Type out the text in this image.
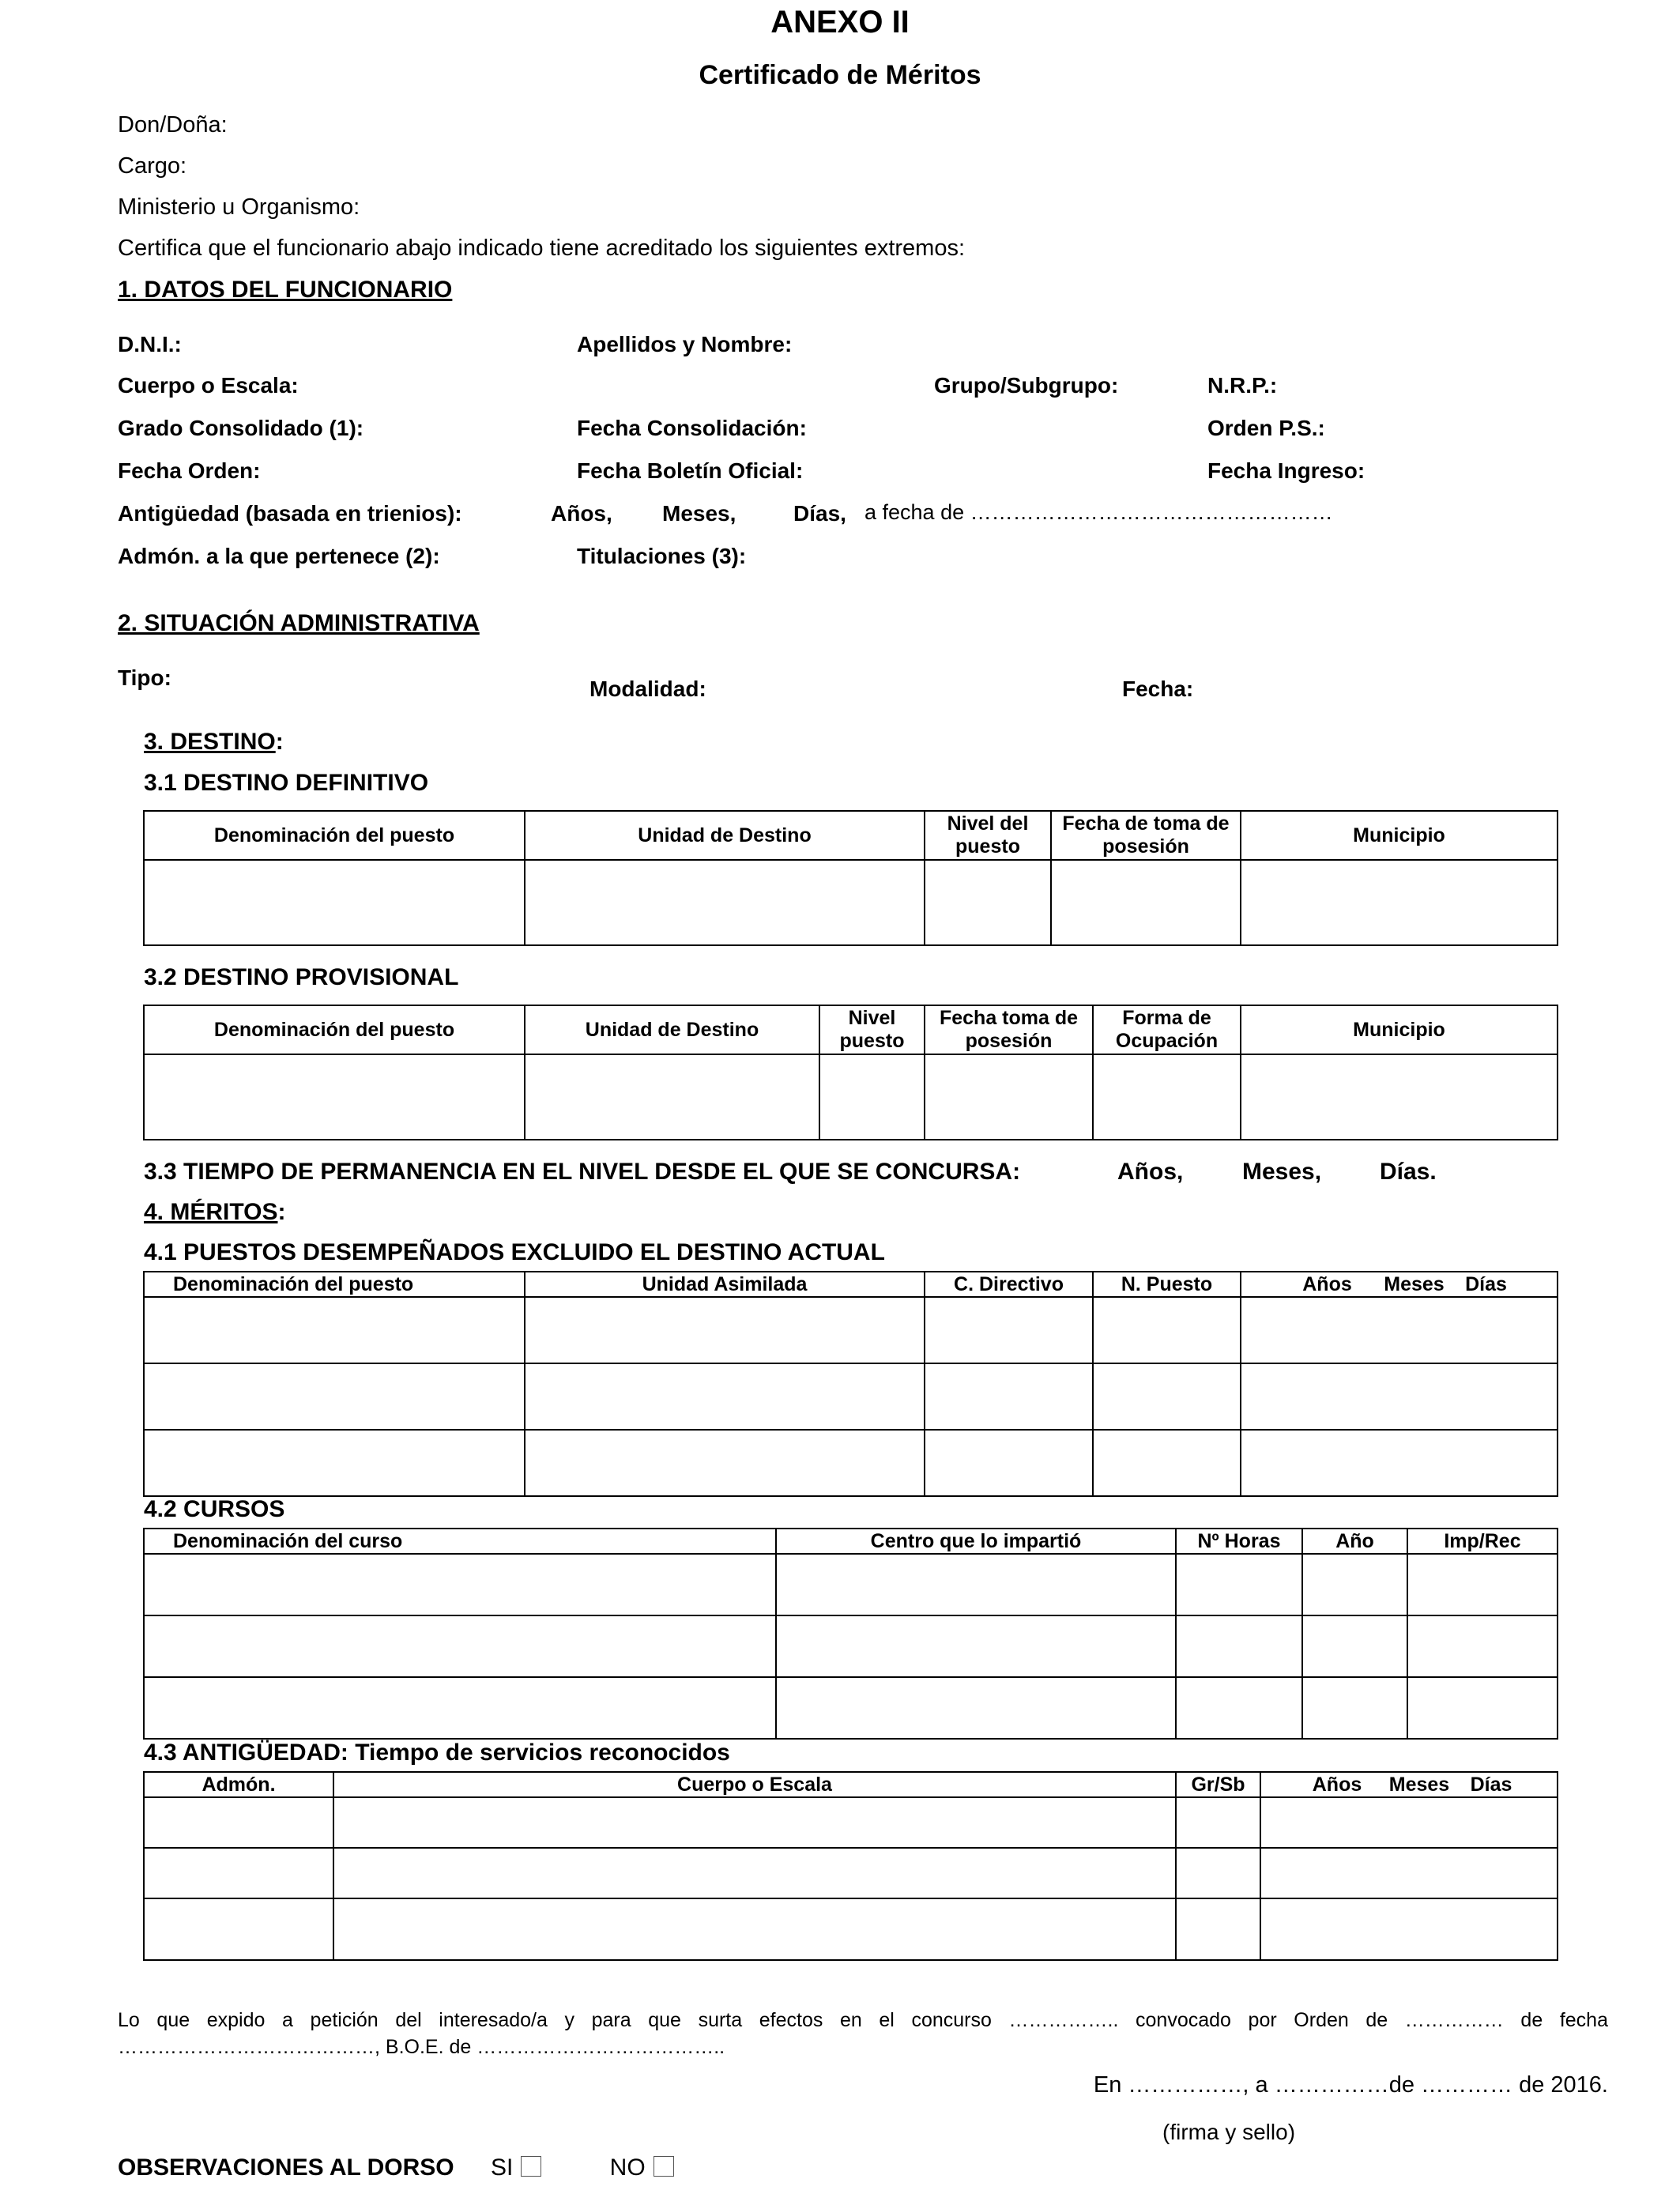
ANEXO II
Certificado de Méritos
Don/Doña:
Cargo:
Ministerio u Organismo:
Certifica que el funcionario abajo indicado tiene acreditado los siguientes extremos:
1. DATOS DEL FUNCIONARIO
D.N.I.:	Apellidos y Nombre:
Cuerpo o Escala:	Grupo/Subgrupo:	N.R.P.:
Grado Consolidado (1):	Fecha Consolidación:	Orden P.S.:
Fecha Orden:	Fecha Boletín Oficial:	Fecha Ingreso:
Antigüedad (basada en trienios):	Años, Meses,	Días, a fecha de ……………………………………………
Admón. a la que pertenece (2):	Titulaciones (3):
2. SITUACIÓN ADMINISTRATIVA
Tipo:	Modalidad:	Fecha:
3. DESTINO:
3.1 DESTINO DEFINITIVO
Denominación del puesto	Unidad de Destino	Nivel del puesto	Fecha de toma de posesión	Municipio

3.2 DESTINO PROVISIONAL
Denominación del puesto	Unidad de Destino	Nivel puesto	Fecha toma de posesión	Forma de Ocupación	Municipio

3.3 TIEMPO DE PERMANENCIA EN EL NIVEL DESDE EL QUE SE CONCURSA:	Años, Meses, Días.
4. MÉRITOS:
4.1 PUESTOS DESEMPEÑADOS EXCLUIDO EL DESTINO ACTUAL
Denominación del puesto	Unidad Asimilada	C. Directivo	N. Puesto	Años Meses Días

4.2 CURSOS
Denominación del curso	Centro que lo impartió	Nº Horas	Año	Imp/Rec

4.3 ANTIGÜEDAD: Tiempo de servicios reconocidos
Admón.	Cuerpo o Escala	Gr/Sb	Años Meses Días

Lo que expido a petición del interesado/a y para que surta efectos en el concurso …………….. convocado por Orden de …………… de fecha …………………………………, B.O.E. de ………………………………..
En ……………, a ……………de ………… de 2016.
(firma y sello)
OBSERVACIONES AL DORSO SI	NO
